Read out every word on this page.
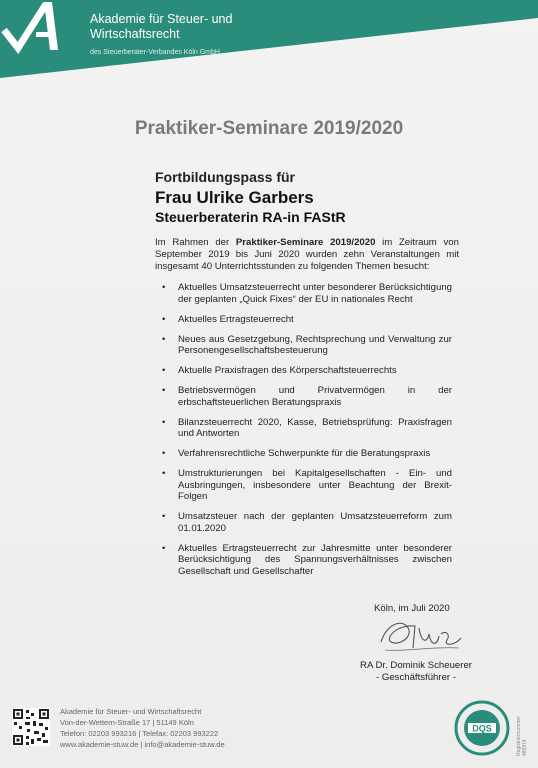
Akademie für Steuer- und
Wirtschaftsrecht
des Steuerberater-Verbandes Köln GmbH
Praktiker-Seminare 2019/2020
Fortbildungspass für
Frau Ulrike Garbers
Steuerberaterin RA-in FAStR
Im Rahmen der Praktiker-Seminare 2019/2020 im Zeitraum von September 2019 bis Juni 2020 wurden zehn Veranstaltungen mit insgesamt 40 Unterrichtsstunden zu folgenden Themen besucht:
• Aktuelles Umsatzsteuerrecht unter besonderer Berücksichtigung der geplanten „Quick Fixes“ der EU in nationales Recht
• Aktuelles Ertragsteuerrecht
• Neues aus Gesetzgebung, Rechtsprechung und Verwaltung zur Personengesellschaftsbesteuerung
• Aktuelle Praxisfragen des Körperschaftsteuerrechts
• Betriebsvermögen und Privatvermögen in der erbschaftsteuerlichen Beratungspraxis
• Bilanzsteuerrecht 2020, Kasse, Betriebsprüfung: Praxisfragen und Antworten
• Verfahrensrechtliche Schwerpunkte für die Beratungspraxis
• Umstrukturierungen bei Kapitalgesellschaften - Ein- und Ausbringungen, insbesondere unter Beachtung der Brexit-Folgen
• Umsatzsteuer nach der geplanten Umsatzsteuerreform zum 01.01.2020
• Aktuelles Ertragsteuerrecht zur Jahresmitte unter besonderer Berücksichtigung des Spannungsverhältnisses zwischen Gesellschaft und Gesellschafter
Köln, im Juli 2020
RA Dr. Dominik Scheuerer
- Geschäftsführer -
Akademie für Steuer- und Wirtschaftsrecht
Von-der-Wettern-Straße 17 | 51149 Köln
Telefon: 02203 993216 | Telefax: 02203 993222
www.akademie-stuw.de | info@akademie-stuw.de
DQS	Registriernummer 485574
